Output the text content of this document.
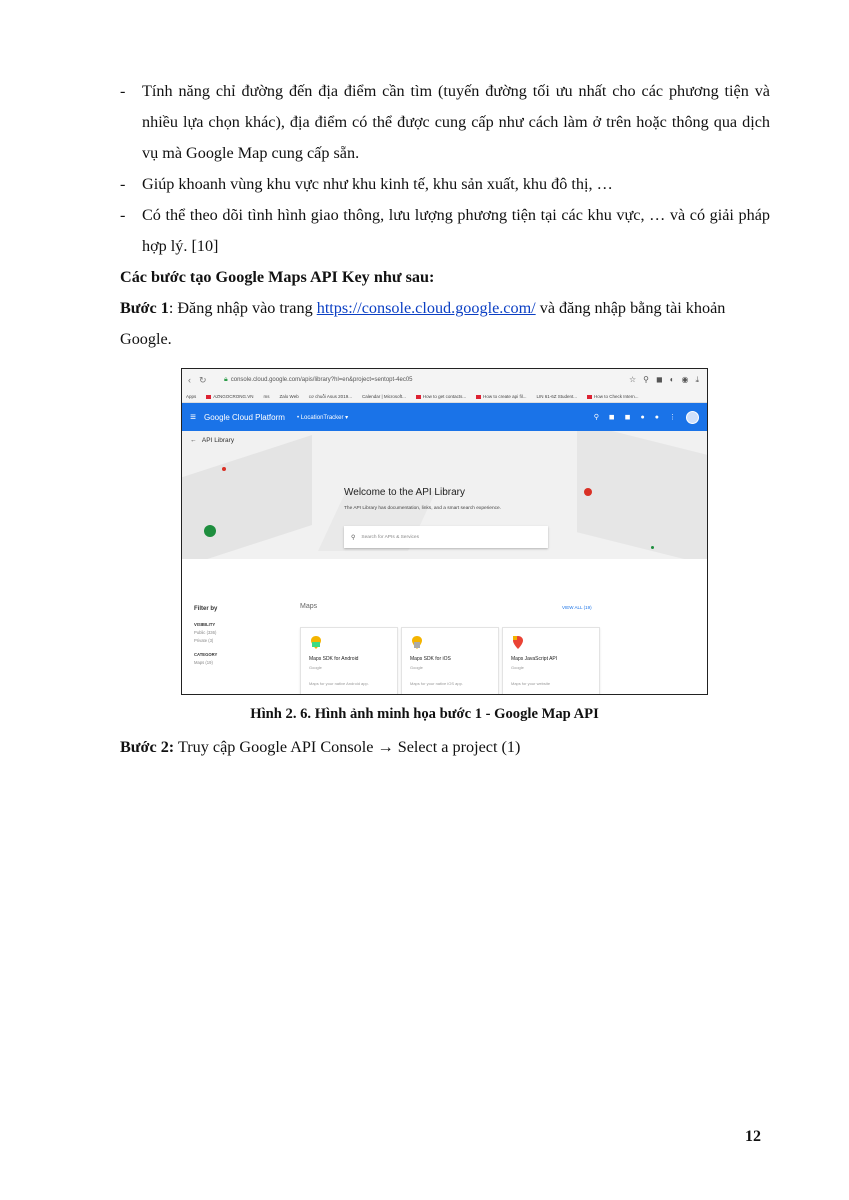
- Tính năng chỉ đường đến địa điểm cần tìm (tuyến đường tối ưu nhất cho các phương tiện và nhiều lựa chọn khác), địa điểm có thể được cung cấp như cách làm ở trên hoặc thông qua dịch vụ mà Google Map cung cấp sẵn.
- Giúp khoanh vùng khu vực như khu kinh tế, khu sản xuất, khu đô thị, …
- Có thể theo dõi tình hình giao thông, lưu lượng phương tiện tại các khu vực, … và có giải pháp hợp lý. [10]
Các bước tạo Google Maps API Key như sau:
Bước 1: Đăng nhập vào trang https://console.cloud.google.com/ và đăng nhập bằng tài khoản Google.
‹ ↻ 🔒︎ console.cloud.google.com/apis/library?hl=en&project=sentopt-4ec05	☆ ⚲ ◼ ◐ ◉ ⤓
Apps	AZNGOCRONG.VN ms Zalo Web cơ chuỗi Asus 2019... Calendar | Microsoft...	How to get contacts...	How to create api fil... LIN 61-6Z Student...	How to Check Intern...
≡	Google Cloud Platform • LocationTracker ▾	⚲ ◼ ◼ ● ● ⋮
←   API Library
Welcome to the API Library
The API Library has documentation, links, and a smart search experience.
⚲ Search for APIs & Services
Filter by
VISIBILITY
Public (336)
Private (3)
CATEGORY
Maps (19)
Maps	VIEW ALL (19)
Maps SDK for Android
Google
Maps for your native Android app.
Maps SDK for iOS
Google
Maps for your native iOS app.
Maps JavaScript API
Google
Maps for your website
Hình 2. 6. Hình ảnh minh họa bước 1 - Google Map API
Bước 2: Truy cập Google API Console → Select a project (1)
12
